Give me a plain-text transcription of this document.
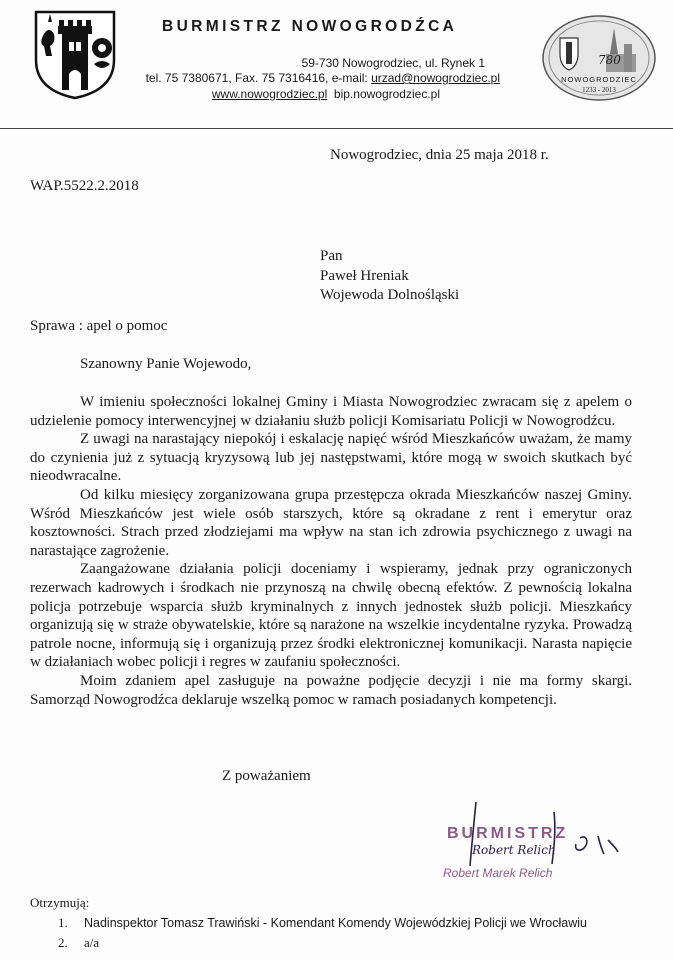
BURMISTRZ NOWOGRODŹCA
59-730 Nowogrodziec, ul. Rynek 1
tel. 75 7380671, Fax. 75 7316416, e-mail: urzad@nowogrodziec.pl
www.nowogrodziec.pl bip.nowogrodziec.pl
780
NOWOGRODZIEC
1233 - 2013
Nowogrodziec, dnia 25 maja 2018 r.
WAP.5522.2.2018
Pan
Paweł Hreniak
Wojewoda Dolnośląski
Sprawa : apel o pomoc
Szanowny Panie Wojewodo,

W imieniu społeczności lokalnej Gminy i Miasta Nowogrodziec zwracam się z apelem o udzielenie pomocy interwencyjnej w działaniu służb policji Komisariatu Policji w Nowogrodźcu.

Z uwagi na narastający niepokój i eskalację napięć wśród Mieszkańców uważam, że mamy do czynienia już z sytuacją kryzysową lub jej następstwami, które mogą w swoich skutkach być nieodwracalne.

Od kilku miesięcy zorganizowana grupa przestępcza okrada Mieszkańców naszej Gminy. Wśród Mieszkańców jest wiele osób starszych, które są okradane z rent i emerytur oraz kosztowności. Strach przed złodziejami ma wpływ na stan ich zdrowia psychicznego z uwagi na narastające zagrożenie.

Zaangażowane działania policji doceniamy i wspieramy, jednak przy ograniczonych rezerwach kadrowych i środkach nie przynoszą na chwilę obecną efektów. Z pewnością lokalna policja potrzebuje wsparcia służb kryminalnych z innych jednostek służb policji. Mieszkańcy organizują się w straże obywatelskie, które są narażone na wszelkie incydentalne ryzyka. Prowadzą patrole nocne, informują się i organizują przez środki elektronicznej komunikacji. Narasta napięcie w działaniach wobec policji i regres w zaufaniu społeczności.

Moim zdaniem apel zasługuje na poważne podjęcie decyzji i nie ma formy skargi. Samorząd Nowogrodźca deklaruje wszelką pomoc w ramach posiadanych kompetencji.

Z poważaniem
BURMISTRZ
Robert Marek Relich
Robert Relich
Otrzymują:
1. Nadinspektor Tomasz Trawiński - Komendant Komendy Wojewódzkiej Policji we Wrocławiu
2. a/a
